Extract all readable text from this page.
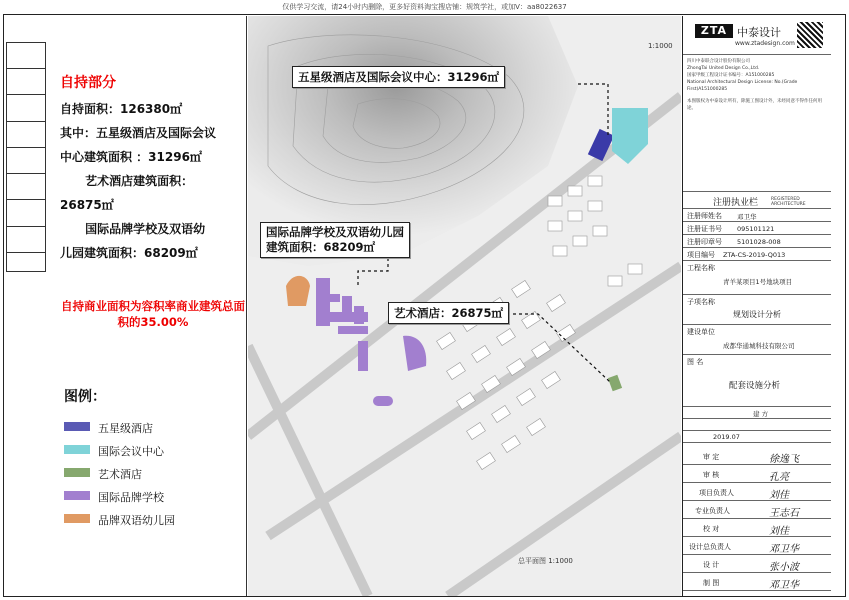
仅供学习交流，请24小时内删除，更多好资料淘宝搜店铺：规筑学社，或加V：aa8022637
自持部分
自持面积：126380㎡
其中：五星级酒店及国际会议
中心建筑面积 ：31296㎡
艺术酒店建筑面积：
26875㎡
国际品牌学校及双语幼
儿园建筑面积：68209㎡
自持商业面积为容积率商业建筑总面积的35.00%
图例：
五星级酒店
国际会议中心
艺术酒店
国际品牌学校
品牌双语幼儿园
五星级酒店及国际会议中心：31296㎡
国际品牌学校及双语幼儿园
建筑面积：68209㎡
艺术酒店：26875㎡
1:1000
总平面图 1:1000
ZTA 中泰设计
www.ztadesign.com
四川中泰联合设计股份有限公司
ZhongTai United Design Co.,Ltd.
国家甲级工程设计证书编号：A151000285
National Architectural Design License: No.(Grade First)A151000285
本图版权为中泰设计所有，除施工图设计外，未经同意不得作任何用途。
注册执业栏	REGISTERED ARCHITECTURE
注册师姓名 邓卫华
注册证书号 095101121
注册印章号 5101028-008
项目编号 ZTA-CS-2019-Q013
工程名称
青羊某项目1号地块项目
子项名称
规划设计分析
建设单位
成都华通城科技有限公司
图 名
配套设施分析
建 方
2019.07
审 定	徐逸飞
审 核	孔亮
项目负责人	刘佳
专业负责人	王志石
校 对	刘佳
设计总负责人	邓卫华
设 计	张小波
制 图	邓卫华
